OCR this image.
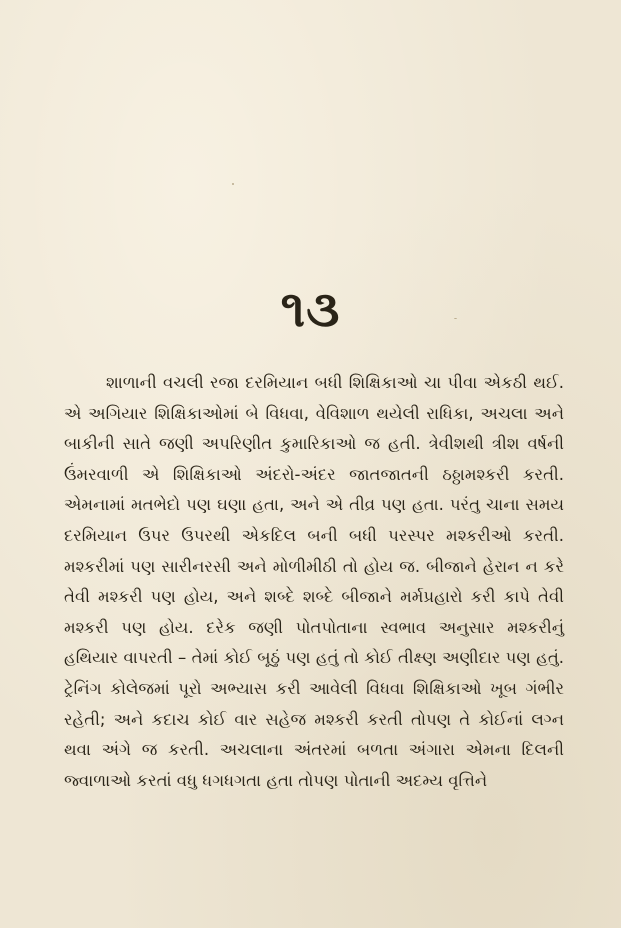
૧૩

શાળાની વચલી રજા દરમિયાન બધી શિક્ષિકાઓ ચા પીવા એકઠી થઈ. એ અગિયાર શિક્ષિકાઓમાં બે વિધવા, વેવિશાળ થયેલી રાધિકા, અચલા અને બાકીની સાતે જણી અપરિણીત કુમારિકાઓ જ હતી. ત્રેવીશથી ત્રીશ વર્ષની ઉંમરવાળી એ શિક્ષિકાઓ અંદરો-અંદર જાતજાતની ઠઠ્ઠામશ્કરી કરતી. એમનામાં મતભેદો પણ ઘણા હતા, અને એ તીવ્ર પણ હતા. પરંતુ ચાના સમય દરમિયાન ઉપર ઉપરથી એકદિલ બની બધી પરસ્પર મશ્કરીઓ કરતી. મશ્કરીમાં પણ સારીનરસી અને મોળીમીઠી તો હોય જ. બીજાને હેરાન ન કરે તેવી મશ્કરી પણ હોય, અને શબ્દે શબ્દે બીજાને મર્મપ્રહારો કરી કાપે તેવી મશ્કરી પણ હોય. દરેક જણી પોતપોતાના સ્વભાવ અનુસાર મશ્કરીનું હથિયાર વાપરતી – તેમાં કોઈ બૂઠું પણ હતું તો કોઈ તીક્ષ્ણ અણીદાર પણ હતું. ટ્રેનિંગ કોલેજમાં પૂરો અભ્યાસ કરી આવેલી વિધવા શિક્ષિકાઓ ખૂબ ગંભીર રહેતી; અને કદાચ કોઈ વાર સહેજ મશ્કરી કરતી તોપણ તે કોઈનાં લગ્ન થવા અંગે જ કરતી. અચલાના અંતરમાં બળતા અંગારા એમના દિલની જ્વાળાઓ કરતાં વધુ ધગધગતા હતા તોપણ પોતાની અદમ્ય વૃત્તિને
